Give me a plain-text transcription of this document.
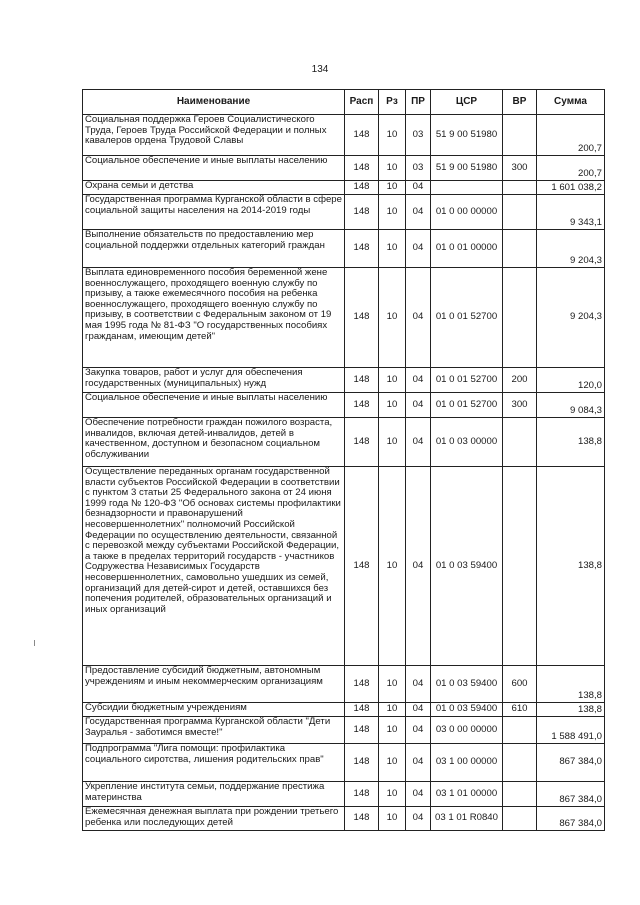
134
Наименование	Расп	Рз	ПР	ЦСР	ВР	Сумма
Социальная поддержка Героев Социалистического Труда, Героев Труда Российской Федерации и полных кавалеров ордена Трудовой Славы	148	10	03	51 9 00 51980		200,7
Социальное обеспечение и иные выплаты населению	148	10	03	51 9 00 51980	300	200,7
Охрана семьи и детства	148	10	04			1 601 038,2
Государственная программа Курганской области в сфере социальной защиты населения на 2014-2019 годы	148	10	04	01 0 00 00000		9 343,1
Выполнение обязательств по предоставлению мер социальной поддержки отдельных категорий граждан	148	10	04	01 0 01 00000		9 204,3
Выплата единовременного пособия беременной жене военнослужащего, проходящего военную службу по призыву, а также ежемесячного пособия на ребенка военнослужащего, проходящего военную службу по призыву, в соответствии с Федеральным законом от 19 мая 1995 года № 81-ФЗ "О государственных пособиях гражданам, имеющим детей"	148	10	04	01 0 01 52700		9 204,3
Закупка товаров, работ и услуг для обеспечения государственных (муниципальных) нужд	148	10	04	01 0 01 52700	200	120,0
Социальное обеспечение и иные выплаты населению	148	10	04	01 0 01 52700	300	9 084,3
Обеспечение потребности граждан пожилого возраста, инвалидов, включая детей-инвалидов, детей в качественном, доступном и безопасном социальном обслуживании	148	10	04	01 0 03 00000		138,8
Осуществление переданных органам государственной власти субъектов Российской Федерации в соответствии с пунктом 3 статьи 25 Федерального закона от 24 июня 1999 года № 120-ФЗ "Об основах системы профилактики безнадзорности и правонарушений несовершеннолетних" полномочий Российской Федерации по осуществлению деятельности, связанной с перевозкой между субъектами Российской Федерации, а также в пределах территорий государств - участников Содружества Независимых Государств несовершеннолетних, самовольно ушедших из семей, организаций для детей-сирот и детей, оставшихся без попечения родителей, образовательных организаций и иных организаций	148	10	04	01 0 03 59400		138,8
Предоставление субсидий бюджетным, автономным учреждениям и иным некоммерческим организациям	148	10	04	01 0 03 59400	600	138,8
Субсидии бюджетным учреждениям	148	10	04	01 0 03 59400	610	138,8
Государственная программа Курганской области "Дети Зауралья - заботимся вместе!"	148	10	04	03 0 00 00000		1 588 491,0
Подпрограмма "Лига помощи: профилактика социального сиротства, лишения родительских прав"	148	10	04	03 1 00 00000		867 384,0
Укрепление института семьи, поддержание престижа материнства	148	10	04	03 1 01 00000		867 384,0
Ежемесячная денежная выплата при рождении третьего ребенка или последующих детей	148	10	04	03 1 01 R0840		867 384,0
